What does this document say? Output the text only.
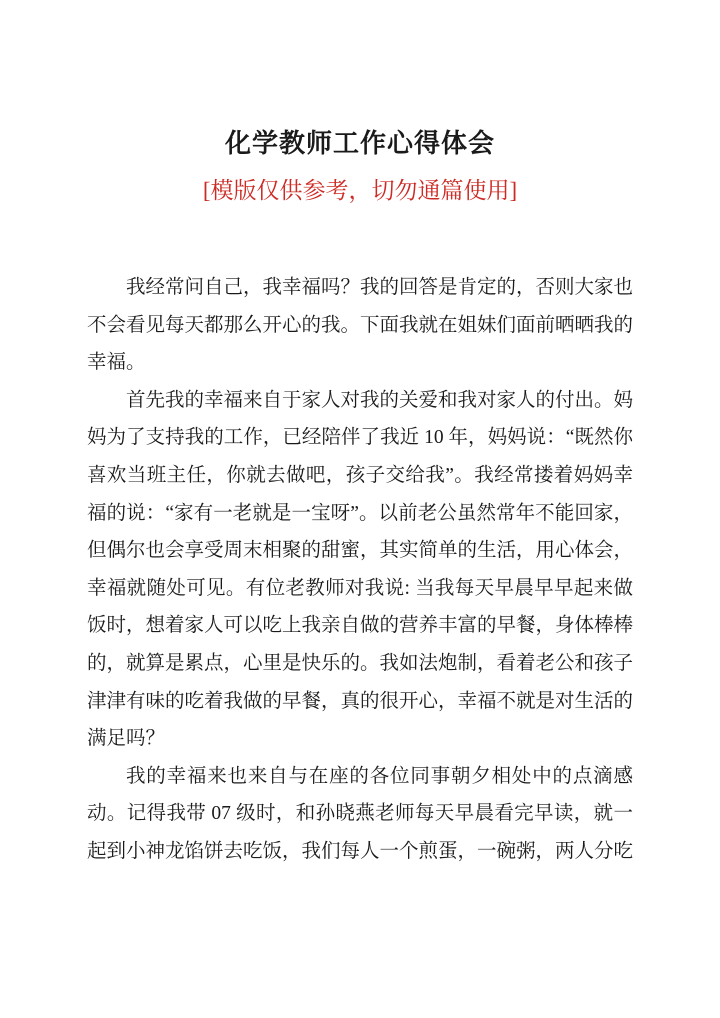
化学教师工作心得体会
[模版仅供参考，切勿通篇使用]

我经常问自己，我幸福吗？我的回答是肯定的，否则大家也不会看见每天都那么开心的我。下面我就在姐妹们面前晒晒我的幸福。

首先我的幸福来自于家人对我的关爱和我对家人的付出。妈妈为了支持我的工作，已经陪伴了我近 10 年，妈妈说：“既然你喜欢当班主任，你就去做吧，孩子交给我”。我经常搂着妈妈幸福的说：“家有一老就是一宝呀”。以前老公虽然常年不能回家，但偶尔也会享受周末相聚的甜蜜，其实简单的生活，用心体会，幸福就随处可见。有位老教师对我说: 当我每天早晨早早起来做饭时，想着家人可以吃上我亲自做的营养丰富的早餐，身体棒棒的，就算是累点，心里是快乐的。我如法炮制，看着老公和孩子津津有味的吃着我做的早餐，真的很开心，幸福不就是对生活的满足吗？

我的幸福来也来自与在座的各位同事朝夕相处中的点滴感动。记得我带 07 级时，和孙晓燕老师每天早晨看完早读，就一起到小神龙馅饼去吃饭，我们每人一个煎蛋，一碗粥，两人分吃
